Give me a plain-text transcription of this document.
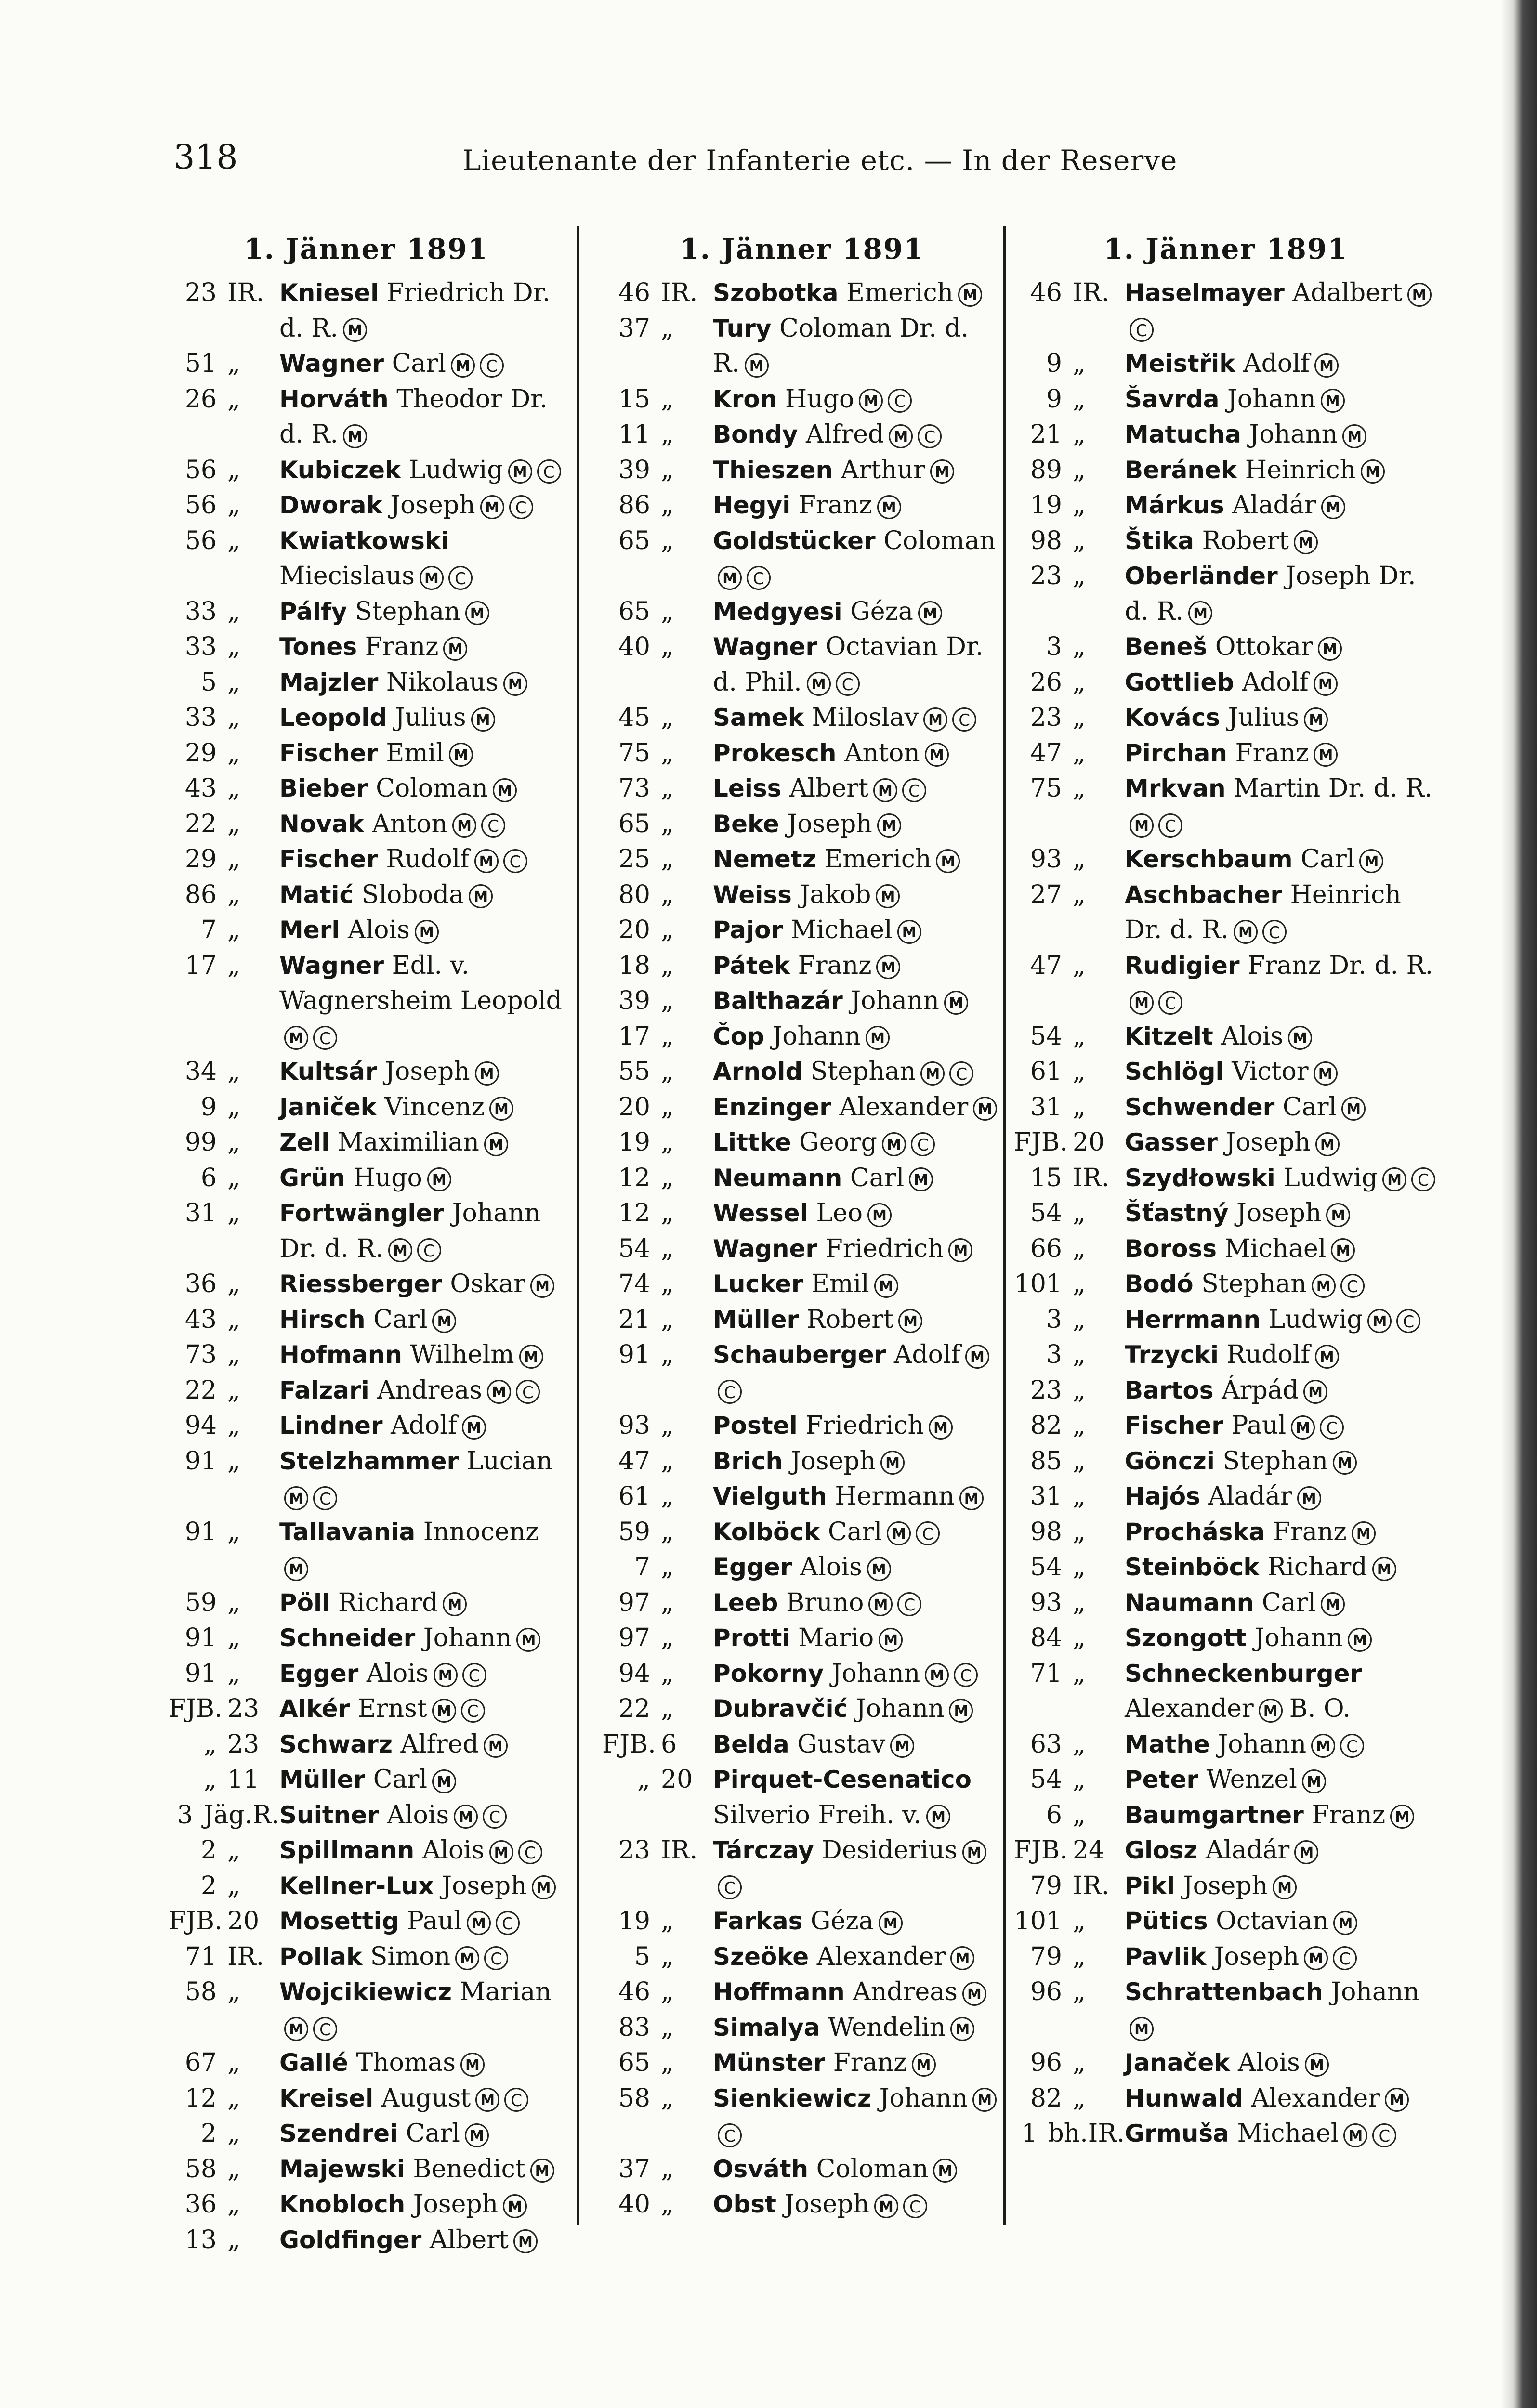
318	Lieutenante der Infanterie etc. — In der Reserve
1. Jänner 1891
23 IR. Kniesel Friedrich Dr. d. R. M
51 „	Wagner Carl M C
26 „	Horváth Theodor Dr. d. R. M
56 „	Kubiczek Ludwig M C
56 „	Dworak Joseph M C
56 „	Kwiatkowski Miecislaus M C
33 „	Pálfy Stephan M
33 „	Tones Franz M
5 „	Majzler Nikolaus M
33 „	Leopold Julius M
29 „	Fischer Emil M
43 „	Bieber Coloman M
22 „	Novak Anton M C
29 „	Fischer Rudolf M C
86 „	Matić Sloboda M
7 „	Merl Alois M
17 „	Wagner Edl. v. Wagnersheim LeopoldM C
34 „	Kultsár Joseph M
9 „	Janiček Vincenz M
99 „	Zell Maximilian M
6 „	Grün Hugo M
31 „	Fortwängler Johann Dr. d. R. M C
36 „	Riessberger Oskar M
43 „	Hirsch Carl M
73 „	Hofmann Wilhelm M
22 „	Falzari Andreas M C
94 „	Lindner Adolf M
91 „	Stelzhammer LucianM C
91 „	Tallavania InnocenzM
59 „	Pöll Richard M
91 „	Schneider Johann M
91 „	Egger Alois M C
FJB. 23 Alkér Ernst M C
„ 23 Schwarz Alfred M
„ 11 Müller Carl M
3 Jäg.R. Suitner Alois M C
2 „	Spillmann Alois M C
2 „	Kellner-Lux Joseph M
FJB. 20 Mosettig Paul M C
71 IR. Pollak Simon M C
58 „	Wojcikiewicz MarianM C
67 „	Gallé Thomas M
12 „	Kreisel August M C
2 „	Szendrei Carl M
58 „	Majewski Benedict M
36 „	Knobloch Joseph M
13 „	Goldfinger Albert M
1. Jänner 1891
46 IR. Szobotka Emerich M
37 „	Tury Coloman Dr. d. R. M
15 „	Kron Hugo M C
11 „	Bondy Alfred M C
39 „	Thieszen Arthur M
86 „	Hegyi Franz M
65 „	Goldstücker ColomanM C
65 „	Medgyesi Géza M
40 „	Wagner Octavian Dr. d. Phil. M C
45 „	Samek Miloslav M C
75 „	Prokesch Anton M
73 „	Leiss Albert M C
65 „	Beke Joseph M
25 „	Nemetz Emerich M
80 „	Weiss Jakob M
20 „	Pajor Michael M
18 „	Pátek Franz M
39 „	Balthazár Johann M
17 „	Čop Johann M
55 „	Arnold Stephan M C
20 „	Enzinger Alexander M
19 „	Littke Georg M C
12 „	Neumann Carl M
12 „	Wessel Leo M
54 „	Wagner Friedrich M
74 „	Lucker Emil M
21 „	Müller Robert M
91 „	Schauberger Adolf MC
93 „	Postel Friedrich M
47 „	Brich Joseph M
61 „	Vielguth Hermann M
59 „	Kolböck Carl M C
7 „	Egger Alois M
97 „	Leeb Bruno M C
97 „	Protti Mario M
94 „	Pokorny Johann M C
22 „	Dubravčić Johann M
FJB. 6	Belda Gustav M
„ 20 Pirquet-Cesenatico Silverio Freih. v. M
23 IR. Tárczay Desiderius MC
19 „	Farkas Géza M
5 „	Szeöke Alexander M
46 „	Hoffmann Andreas M
83 „	Simalya Wendelin M
65 „	Münster Franz M
58 „	Sienkiewicz Johann MC
37 „	Osváth Coloman M
40 „	Obst Joseph M C
1. Jänner 1891
46 IR. Haselmayer Adalbert MC
9 „	Meistřik Adolf M
9 „	Šavrda Johann M
21 „	Matucha Johann M
89 „	Beránek Heinrich M
19 „	Márkus Aladár M
98 „	Štika Robert M
23 „	Oberländer Joseph Dr. d. R. M
3 „	Beneš Ottokar M
26 „	Gottlieb Adolf M
23 „	Kovács Julius M
47 „	Pirchan Franz M
75 „	Mrkvan Martin Dr. d. R.M C
93 „	Kerschbaum Carl M
27 „	Aschbacher Heinrich Dr. d. R. M C
47 „	Rudigier Franz Dr. d. R.M C
54 „	Kitzelt Alois M
61 „	Schlögl Victor M
31 „	Schwender Carl M
FJB. 20 Gasser Joseph M
15 IR. Szydłowski Ludwig M C
54 „	Šťastný Joseph M
66 „	Boross Michael M
101 „	Bodó Stephan M C
3 „	Herrmann Ludwig M C
3 „	Trzycki Rudolf M
23 „	Bartos Árpád M
82 „	Fischer Paul M C
85 „	Gönczi Stephan M
31 „	Hajós Aladár M
98 „	Procháska Franz M
54 „	Steinböck Richard M
93 „	Naumann Carl M
84 „	Szongott Johann M
71 „	Schneckenburger Alexander M B. O.
63 „	Mathe Johann M C
54 „	Peter Wenzel M
6 „	Baumgartner Franz M
FJB. 24 Glosz Aladár M
79 IR. Pikl Joseph M
101 „	Pütics Octavian M
79 „	Pavlik Joseph M C
96 „	Schrattenbach JohannM
96 „	Janaček Alois M
82 „	Hunwald Alexander M
1 bh.IR. Grmuša Michael M C
